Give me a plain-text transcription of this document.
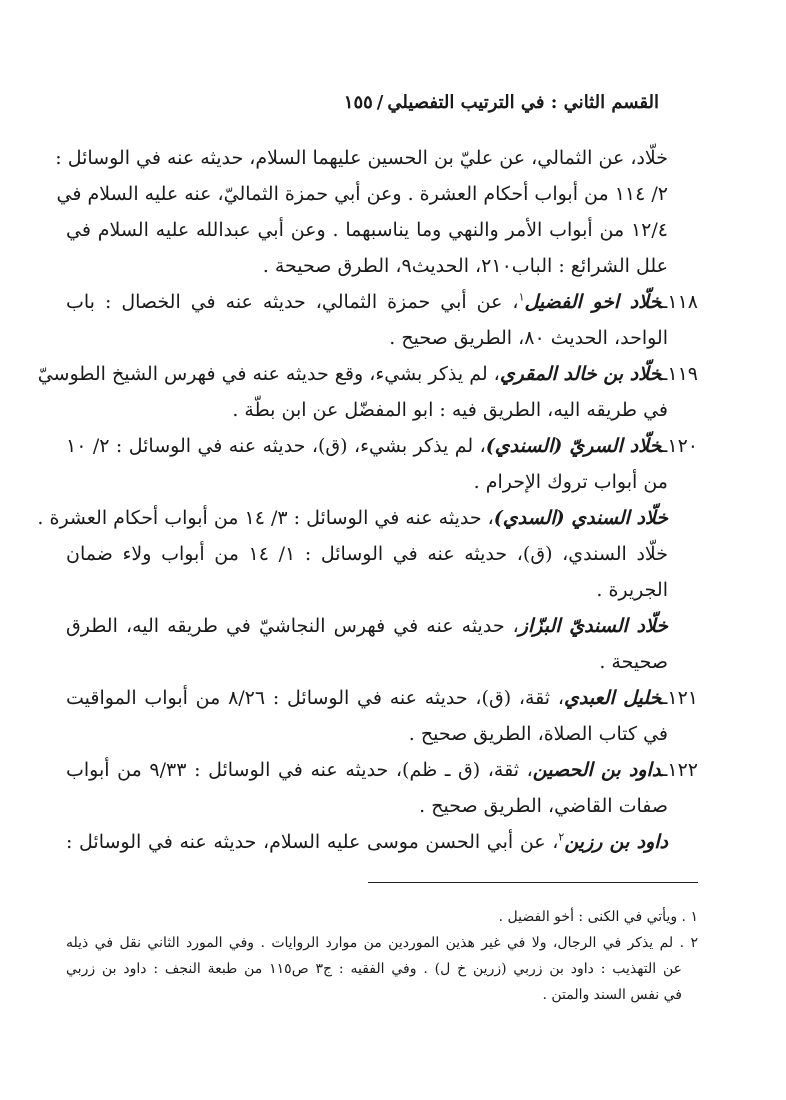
القسم الثاني : في الترتيب التفصيلي/١٥٥
خلّاد، عن الثمالي، عن عليّ بن الحسين عليهما السلام، حديثه عنه في الوسائل :
٢/ ١١٤ من أبواب أحكام العشرة . وعن أبي حمزة الثماليّ، عنه عليه السلام في
١٢/٤ من أبواب الأمر والنهي وما يناسبهما . وعن أبي عبدالله عليه السلام في
علل الشرائع : الباب٢١٠، الحديث٩، الطرق صحيحة .
١١٨ـخلّاد اخو الفضيل$^١$، عن أبي حمزة الثمالي، حديثه عنه في الخصال : باب
الواحد، الحديث ٨٠، الطريق صحيح .
١١٩ـخلّاد بن خالد المقري، لم يذكر بشيء، وقع حديثه عنه في فهرس الشيخ الطوسيّ
في طريقه اليه، الطريق فيه : ابو المفضّل عن ابن بطّة .
١٢٠ـخلّاد السريّ (السندي)، لم يذكر بشيء، (ق)، حديثه عنه في الوسائل : ٢/ ١٠
من أبواب تروك الإحرام .
خلّاد السندي (السدي)، حديثه عنه في الوسائل : ٣/ ١٤ من أبواب أحكام العشرة .
خلّاد السندي، (ق)، حديثه عنه في الوسائل : ١/ ١٤ من أبواب ولاء ضمان
الجريرة .
خلّاد السنديّ البزّاز، حديثه عنه في فهرس النجاشيّ في طريقه اليه، الطرق
صحيحة .
١٢١ـخليل العبدي، ثقة، (ق)، حديثه عنه في الوسائل : ٨/٢٦ من أبواب المواقيت
في كتاب الصلاة، الطريق صحيح .
١٢٢ـداود بن الحصين، ثقة، (ق ـ ظم)، حديثه عنه في الوسائل : ٩/٣٣ من أبواب
صفات القاضي، الطريق صحيح .
داود بن رزين$^٢$، عن أبي الحسن موسى عليه السلام، حديثه عنه في الوسائل :
١ . ويأتي في الكنى : أخو الفضيل .
٢ . لم يذكر في الرجال، ولا في غير هذين الموردين من موارد الروايات . وفي المورد الثاني نقل في ذيله
عن التهذيب : داود بن زربي (زرين خ ل) . وفي الفقيه : ج٣ ص١١٥ من طبعة النجف : داود بن زربي
في نفس السند والمتن .
